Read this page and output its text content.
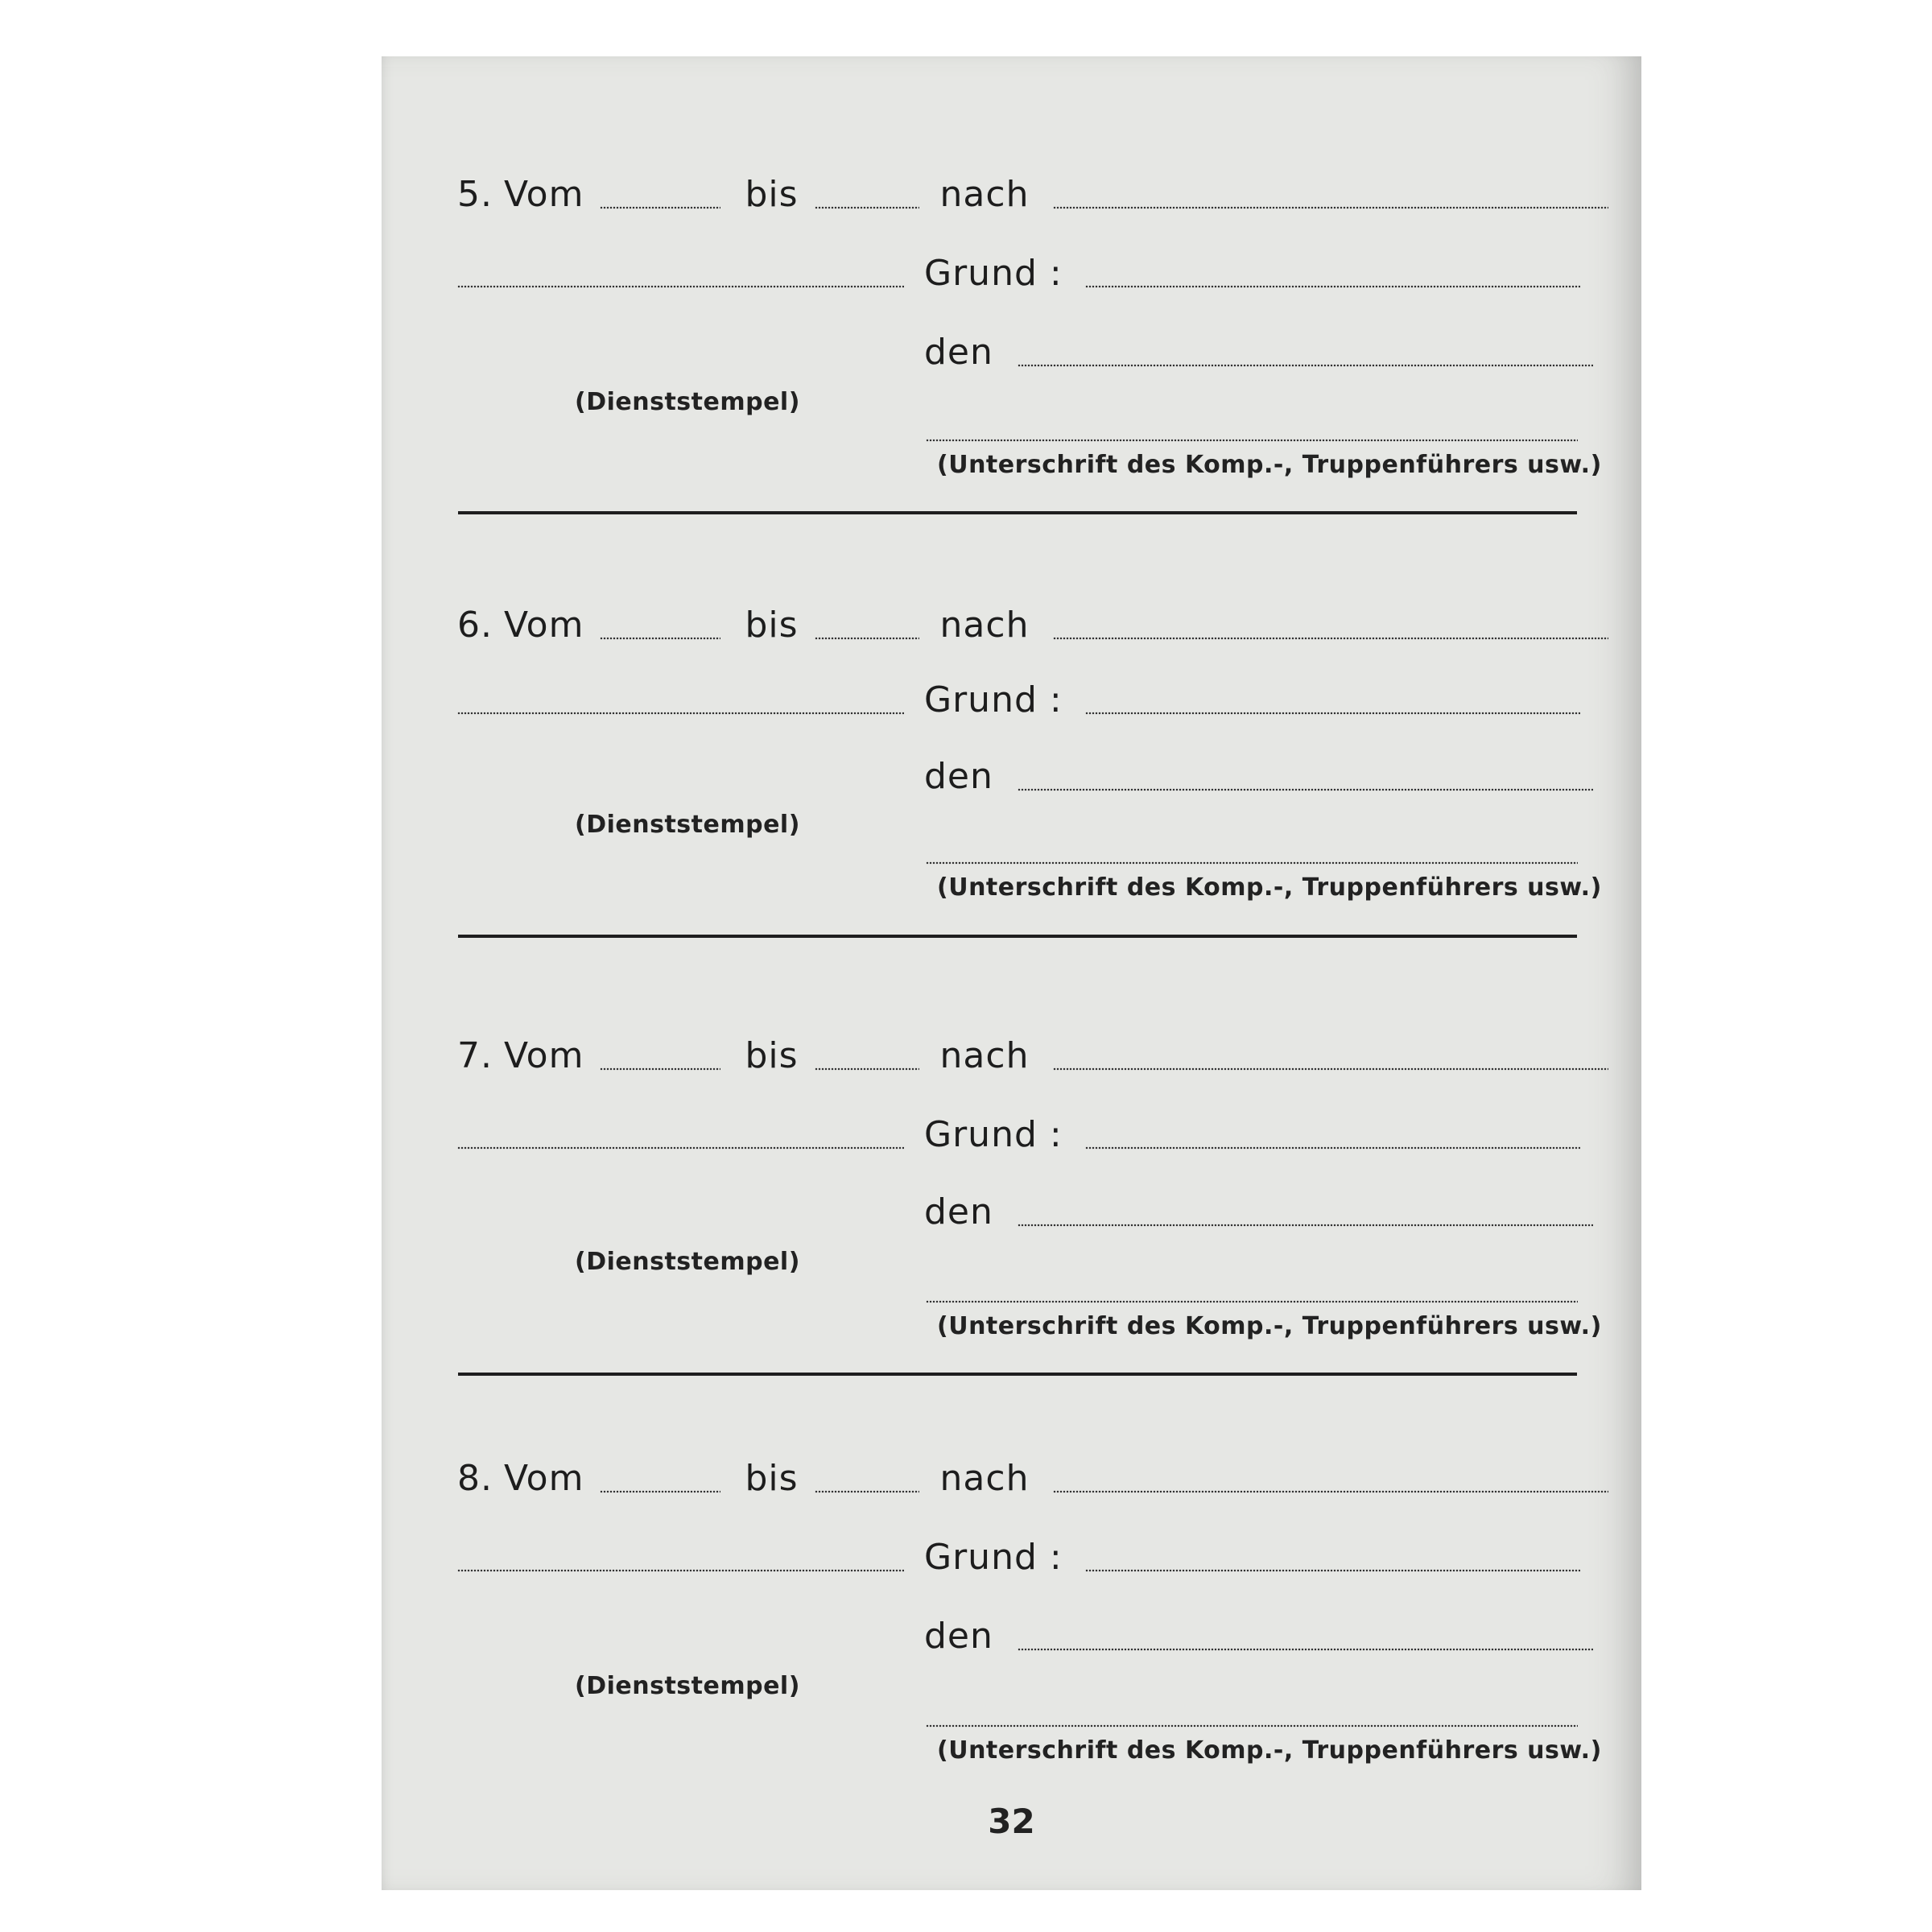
5. Vom	bis	nach
Grund :
den
(Dienststempel)
(Unterschrift des Komp.-, Truppenführers usw.)
6. Vom	bis	nach
Grund :
den
(Dienststempel)
(Unterschrift des Komp.-, Truppenführers usw.)
7. Vom	bis	nach
Grund :
den
(Dienststempel)
(Unterschrift des Komp.-, Truppenführers usw.)
8. Vom	bis	nach
Grund :
den
(Dienststempel)
(Unterschrift des Komp.-, Truppenführers usw.)
32
